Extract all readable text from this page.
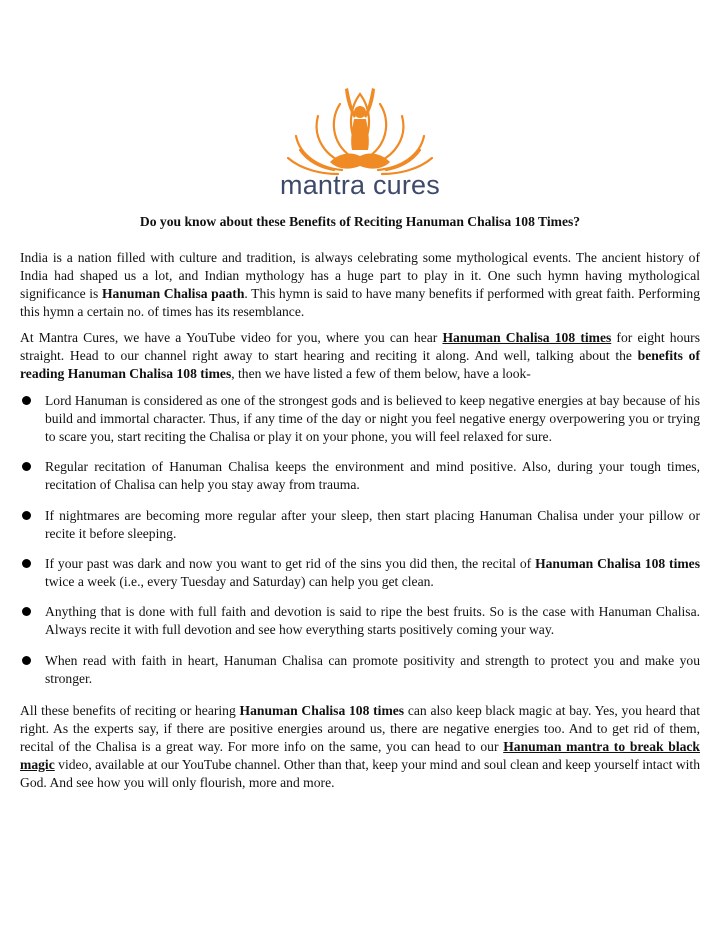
mantra cures
Do you know about these Benefits of Reciting Hanuman Chalisa 108 Times?
India is a nation filled with culture and tradition, is always celebrating some mythological events. The ancient history of India had shaped us a lot, and Indian mythology has a huge part to play in it. One such hymn having mythological significance is Hanuman Chalisa paath. This hymn is said to have many benefits if performed with great faith. Performing this hymn a certain no. of times has its resemblance.
At Mantra Cures, we have a YouTube video for you, where you can hear Hanuman Chalisa 108 times for eight hours straight. Head to our channel right away to start hearing and reciting it along. And well, talking about the benefits of reading Hanuman Chalisa 108 times, then we have listed a few of them below, have a look-
Lord Hanuman is considered as one of the strongest gods and is believed to keep negative energies at bay because of his build and immortal character. Thus, if any time of the day or night you feel negative energy overpowering you or trying to scare you, start reciting the Chalisa or play it on your phone, you will feel relaxed for sure.
Regular recitation of Hanuman Chalisa keeps the environment and mind positive. Also, during your tough times, recitation of Chalisa can help you stay away from trauma.
If nightmares are becoming more regular after your sleep, then start placing Hanuman Chalisa under your pillow or recite it before sleeping.
If your past was dark and now you want to get rid of the sins you did then, the recital of Hanuman Chalisa 108 times twice a week (i.e., every Tuesday and Saturday) can help you get clean.
Anything that is done with full faith and devotion is said to ripe the best fruits. So is the case with Hanuman Chalisa. Always recite it with full devotion and see how everything starts positively coming your way.
When read with faith in heart, Hanuman Chalisa can promote positivity and strength to protect you and make you stronger.
All these benefits of reciting or hearing Hanuman Chalisa 108 times can also keep black magic at bay. Yes, you heard that right. As the experts say, if there are positive energies around us, there are negative energies too. And to get rid of them, recital of the Chalisa is a great way. For more info on the same, you can head to our Hanuman mantra to break black magic video, available at our YouTube channel. Other than that, keep your mind and soul clean and keep yourself intact with God. And see how you will only flourish, more and more.
